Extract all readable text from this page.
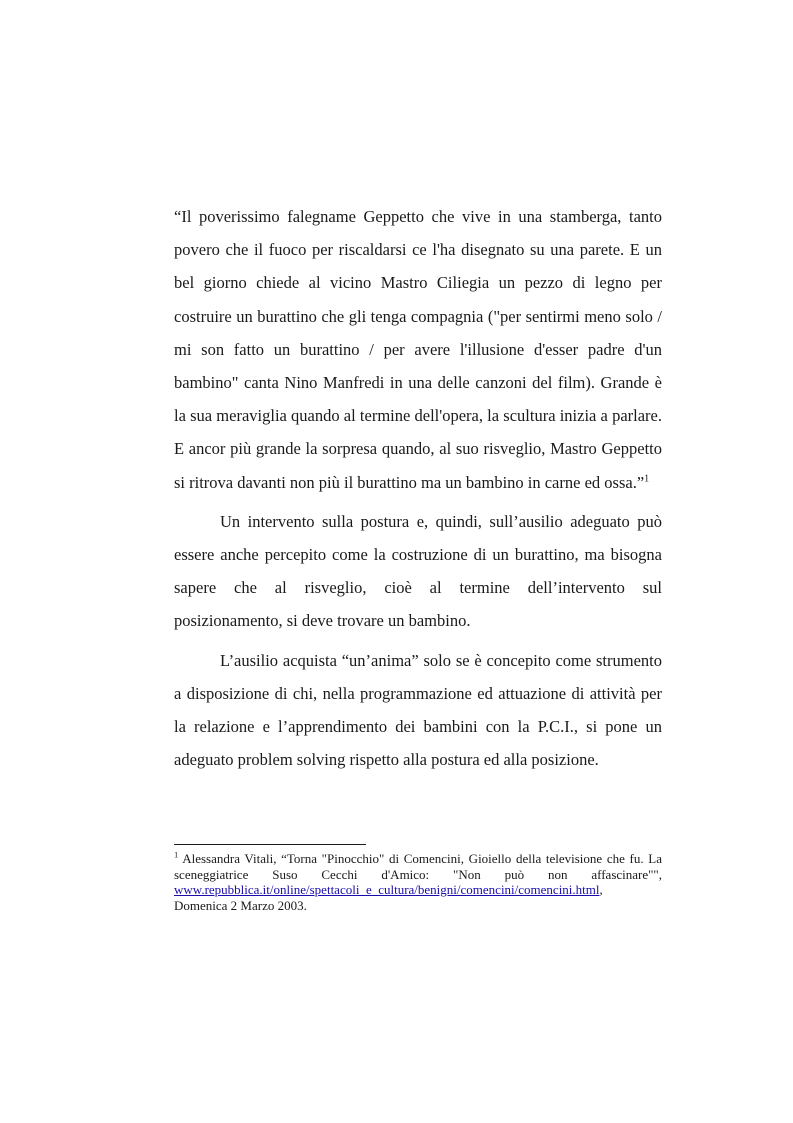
“Il poverissimo falegname Geppetto che vive in una stamberga, tanto povero che il fuoco per riscaldarsi ce l'ha disegnato su una parete. E un bel giorno chiede al vicino Mastro Ciliegia un pezzo di legno per costruire un burattino che gli tenga compagnia ("per sentirmi meno solo / mi son fatto un burattino / per avere l'illusione d'esser padre d'un bambino" canta Nino Manfredi in una delle canzoni del film). Grande è la sua meraviglia quando al termine dell'opera, la scultura inizia a parlare. E ancor più grande la sorpresa quando, al suo risveglio, Mastro Geppetto si ritrova davanti non più il burattino ma un bambino in carne ed ossa.”$^1$

Un intervento sulla postura e, quindi, sull’ausilio adeguato può essere anche percepito come la costruzione di un burattino, ma bisogna sapere che al risveglio, cioè al termine dell’intervento sul posizionamento, si deve trovare un bambino.

L’ausilio acquista “un’anima” solo se è concepito come strumento a disposizione di chi, nella programmazione ed attuazione di attività per la relazione e l’apprendimento dei bambini con la P.C.I., si pone un adeguato problem solving rispetto alla postura ed alla posizione.

$^1$ Alessandra Vitali, “Torna "Pinocchio" di Comencini, Gioiello della televisione che fu. La sceneggiatrice Suso Cecchi d'Amico: "Non può non affascinare"", www.repubblica.it/online/spettacoli_e_cultura/benigni/comencini/comencini.html,
Domenica 2 Marzo 2003.
